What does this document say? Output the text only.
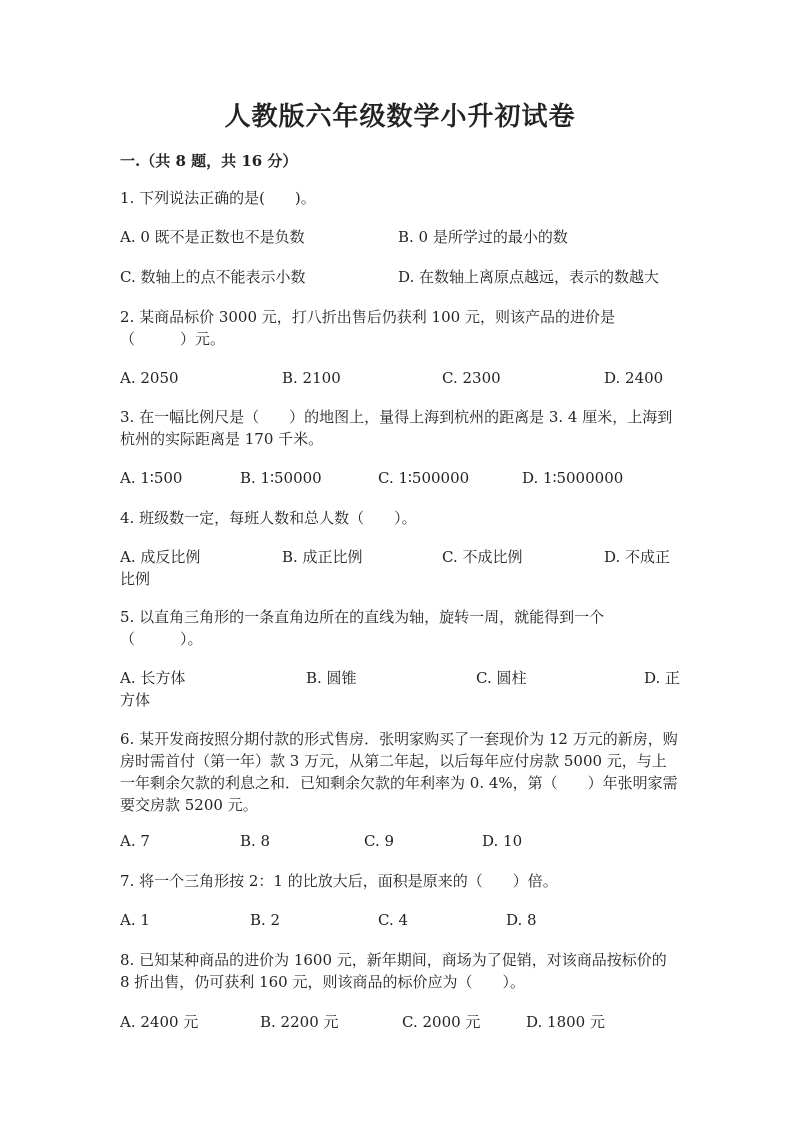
人教版六年级数学小升初试卷

一.（共 8 题，共 16 分）

1. 下列说法正确的是(　　)。

A. 0 既不是正数也不是负数	B. 0 是所学过的最小的数
C. 数轴上的点不能表示小数	D. 在数轴上离原点越远，表示的数越大

2. 某商品标价 3000 元，打八折出售后仍获利 100 元，则该产品的进价是（　　　）元。

A. 2050	B. 2100	C. 2300	D. 2400

3. 在一幅比例尺是（　　）的地图上，量得上海到杭州的距离是 3. 4 厘米，上海到杭州的实际距离是 170 千米。

A. 1∶500	B. 1∶50000	C. 1∶500000	D. 1∶5000000

4. 班级数一定，每班人数和总人数（　　）。

A. 成反比例	B. 成正比例	C. 不成比例	D. 不成正
比例

5. 以直角三角形的一条直角边所在的直线为轴，旋转一周，就能得到一个（　　　）。

A. 长方体	B. 圆锥	C. 圆柱	D. 正
方体

6. 某开发商按照分期付款的形式售房．张明家购买了一套现价为 12 万元的新房，购房时需首付（第一年）款 3 万元，从第二年起，以后每年应付房款 5000 元，与上一年剩余欠款的利息之和．已知剩余欠款的年利率为 0. 4%，第（　　）年张明家需要交房款 5200 元。

A. 7	B. 8	C. 9	D. 10

7. 将一个三角形按 2：1 的比放大后，面积是原来的（　　）倍。

A. 1	B. 2	C. 4	D. 8

8. 已知某种商品的进价为 1600 元，新年期间，商场为了促销，对该商品按标价的 8 折出售，仍可获利 160 元，则该商品的标价应为（　　）。

A. 2400 元	B. 2200 元	C. 2000 元	D. 1800 元
